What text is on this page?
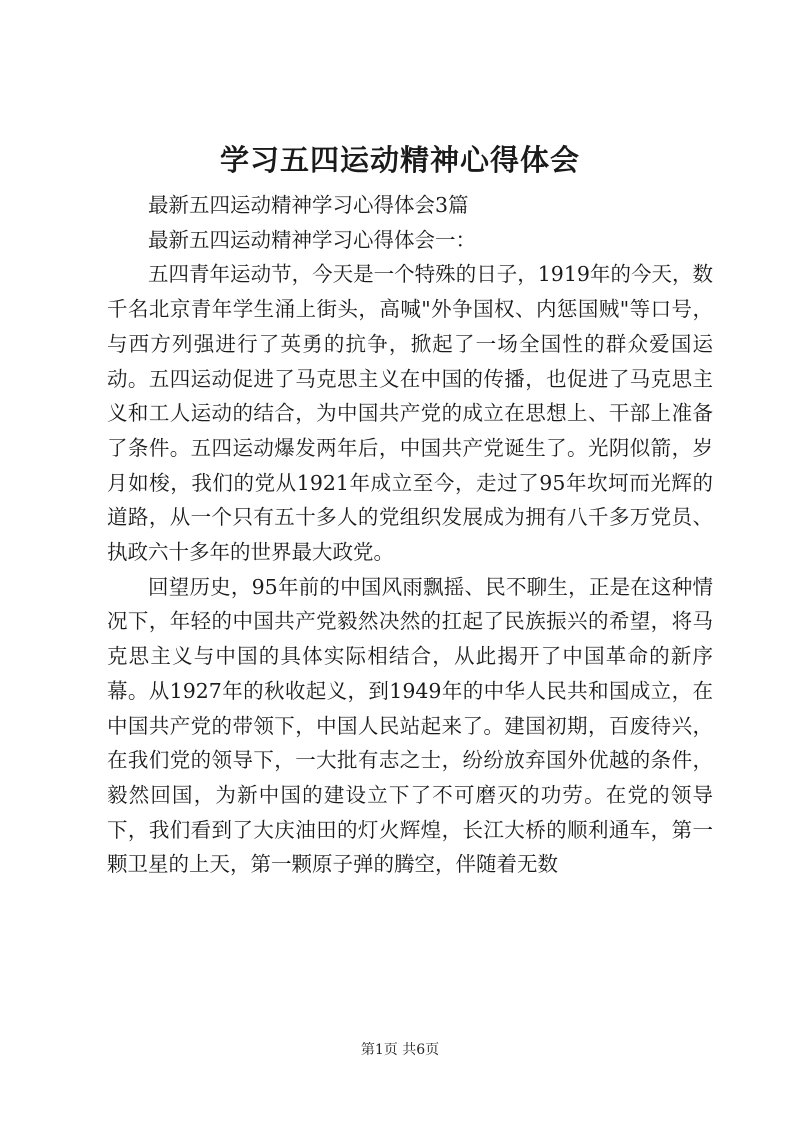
学习五四运动精神心得体会

最新五四运动精神学习心得体会3篇

最新五四运动精神学习心得体会一：

五四青年运动节，今天是一个特殊的日子，1919年的今天，数千名北京青年学生涌上街头，高喊"外争国权、内惩国贼"等口号，与西方列强进行了英勇的抗争，掀起了一场全国性的群众爱国运动。五四运动促进了马克思主义在中国的传播，也促进了马克思主义和工人运动的结合，为中国共产党的成立在思想上、干部上准备了条件。五四运动爆发两年后，中国共产党诞生了。光阴似箭，岁月如梭，我们的党从1921年成立至今，走过了95年坎坷而光辉的道路，从一个只有五十多人的党组织发展成为拥有八千多万党员、执政六十多年的世界最大政党。

回望历史，95年前的中国风雨飘摇、民不聊生，正是在这种情况下，年轻的中国共产党毅然决然的扛起了民族振兴的希望，将马克思主义与中国的具体实际相结合，从此揭开了中国革命的新序幕。从1927年的秋收起义，到1949年的中华人民共和国成立，在中国共产党的带领下，中国人民站起来了。建国初期，百废待兴，在我们党的领导下，一大批有志之士，纷纷放弃国外优越的条件，毅然回国，为新中国的建设立下了不可磨灭的功劳。在党的领导下，我们看到了大庆油田的灯火辉煌，长江大桥的顺利通车，第一颗卫星的上天，第一颗原子弹的腾空，伴随着无数

第1页 共6页
